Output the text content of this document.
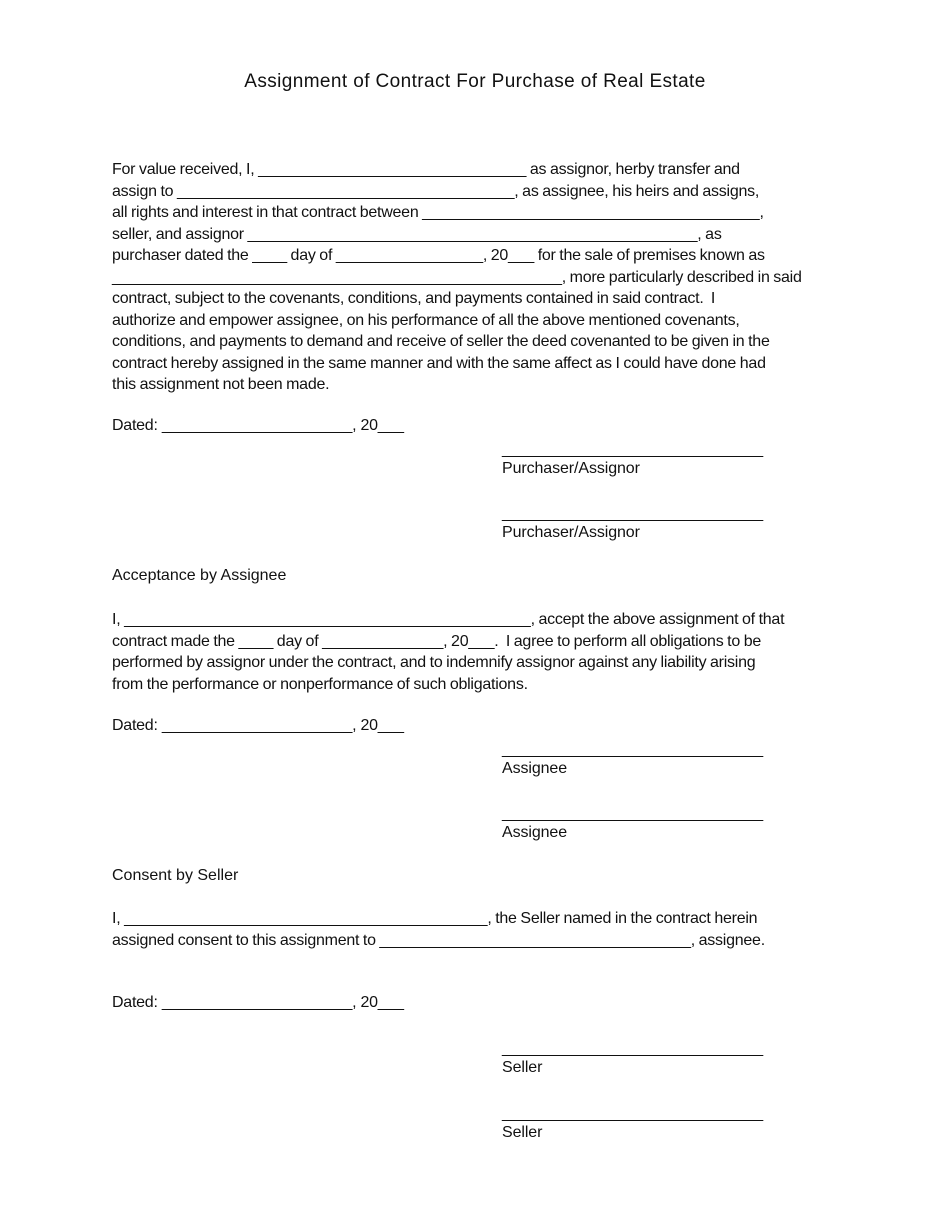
Assignment of Contract For Purchase of Real Estate
For value received, I, _______________________________ as assignor, herby transfer and
assign to _______________________________________, as assignee, his heirs and assigns,
all rights and interest in that contract between _______________________________________,
seller, and assignor ____________________________________________________, as
purchaser dated the ____ day of _________________, 20___ for the sale of premises known as
____________________________________________________, more particularly described in said
contract, subject to the covenants, conditions, and payments contained in said contract.  I
authorize and empower assignee, on his performance of all the above mentioned covenants,
conditions, and payments to demand and receive of seller the deed covenanted to be given in the
contract hereby assigned in the same manner and with the same affect as I could have done had
this assignment not been made.
Dated: ______________________, 20___
______________________________
Purchaser/Assignor
______________________________
Purchaser/Assignor
Acceptance by Assignee
I, _______________________________________________, accept the above assignment of that
contract made the ____ day of ______________, 20___.  I agree to perform all obligations to be
performed by assignor under the contract, and to indemnify assignor against any liability arising
from the performance or nonperformance of such obligations.
Dated: ______________________, 20___
______________________________
Assignee
______________________________
Assignee
Consent by Seller
I, __________________________________________, the Seller named in the contract herein
assigned consent to this assignment to ____________________________________, assignee.
Dated: ______________________, 20___
______________________________
Seller
______________________________
Seller
